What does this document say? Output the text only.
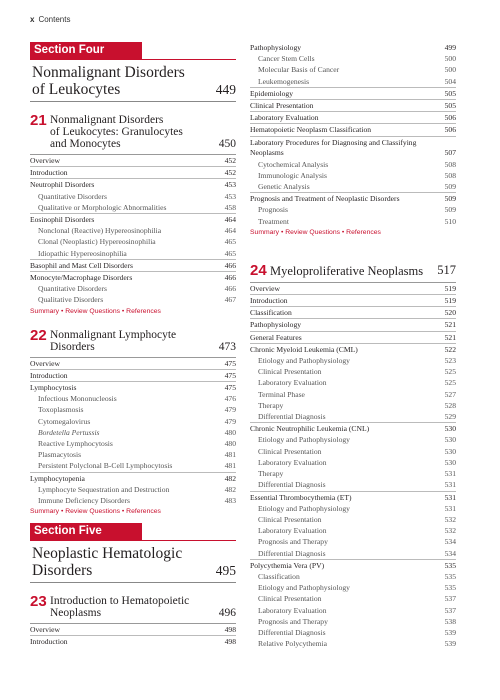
x Contents
Section Four
Nonmalignant Disorders
of Leukocytes	449
21 Nonmalignant Disorders
of Leukocytes: Granulocytes
and Monocytes	450
Overview	452
Introduction	452
Neutrophil Disorders	453
Quantitative Disorders	453
Qualitative or Morphologic Abnormalities	458
Eosinophil Disorders	464
Nonclonal (Reactive) Hypereosinophilia	464
Clonal (Neoplastic) Hypereosinophilia	465
Idiopathic Hypereosinophilia	465
Basophil and Mast Cell Disorders	466
Monocyte/Macrophage Disorders	466
Quantitative Disorders	466
Qualitative Disorders	467
Summary • Review Questions • References
22 Nonmalignant Lymphocyte
Disorders	473
Overview	475
Introduction	475
Lymphocytosis	475
Infectious Mononucleosis	476
Toxoplasmosis	479
Cytomegalovirus	479
Bordetella Pertussis	480
Reactive Lymphocytosis	480
Plasmacytosis	481
Persistent Polyclonal B-Cell Lymphocytosis	481
Lymphocytopenia	482
Lymphocyte Sequestration and Destruction	482
Immune Deficiency Disorders	483
Summary • Review Questions • References
Section Five
Neoplastic Hematologic
Disorders	495
23 Introduction to Hematopoietic
Neoplasms	496
Overview	498
Introduction	498
Pathophysiology	499
Cancer Stem Cells	500
Molecular Basis of Cancer	500
Leukemogenesis	504
Epidemiology	505
Clinical Presentation	505
Laboratory Evaluation	506
Hematopoietic Neoplasm Classification	506
Laboratory Procedures for Diagnosing and Classifying Neoplasms	507
Cytochemical Analysis	508
Immunologic Analysis	508
Genetic Analysis	509
Prognosis and Treatment of Neoplastic Disorders	509
Prognosis	509
Treatment	510
Summary • Review Questions • References
24 Myeloproliferative Neoplasms	517
Overview	519
Introduction	519
Classification	520
Pathophysiology	521
General Features	521
Chronic Myeloid Leukemia (CML)	522
Etiology and Pathophysiology	523
Clinical Presentation	525
Laboratory Evaluation	525
Terminal Phase	527
Therapy	528
Differential Diagnosis	529
Chronic Neutrophilic Leukemia (CNL)	530
Etiology and Pathophysiology	530
Clinical Presentation	530
Laboratory Evaluation	530
Therapy	531
Differential Diagnosis	531
Essential Thrombocythemia (ET)	531
Etiology and Pathophysiology	531
Clinical Presentation	532
Laboratory Evaluation	532
Prognosis and Therapy	534
Differential Diagnosis	534
Polycythemia Vera (PV)	535
Classification	535
Etiology and Pathophysiology	535
Clinical Presentation	537
Laboratory Evaluation	537
Prognosis and Therapy	538
Differential Diagnosis	539
Relative Polycythemia	539
